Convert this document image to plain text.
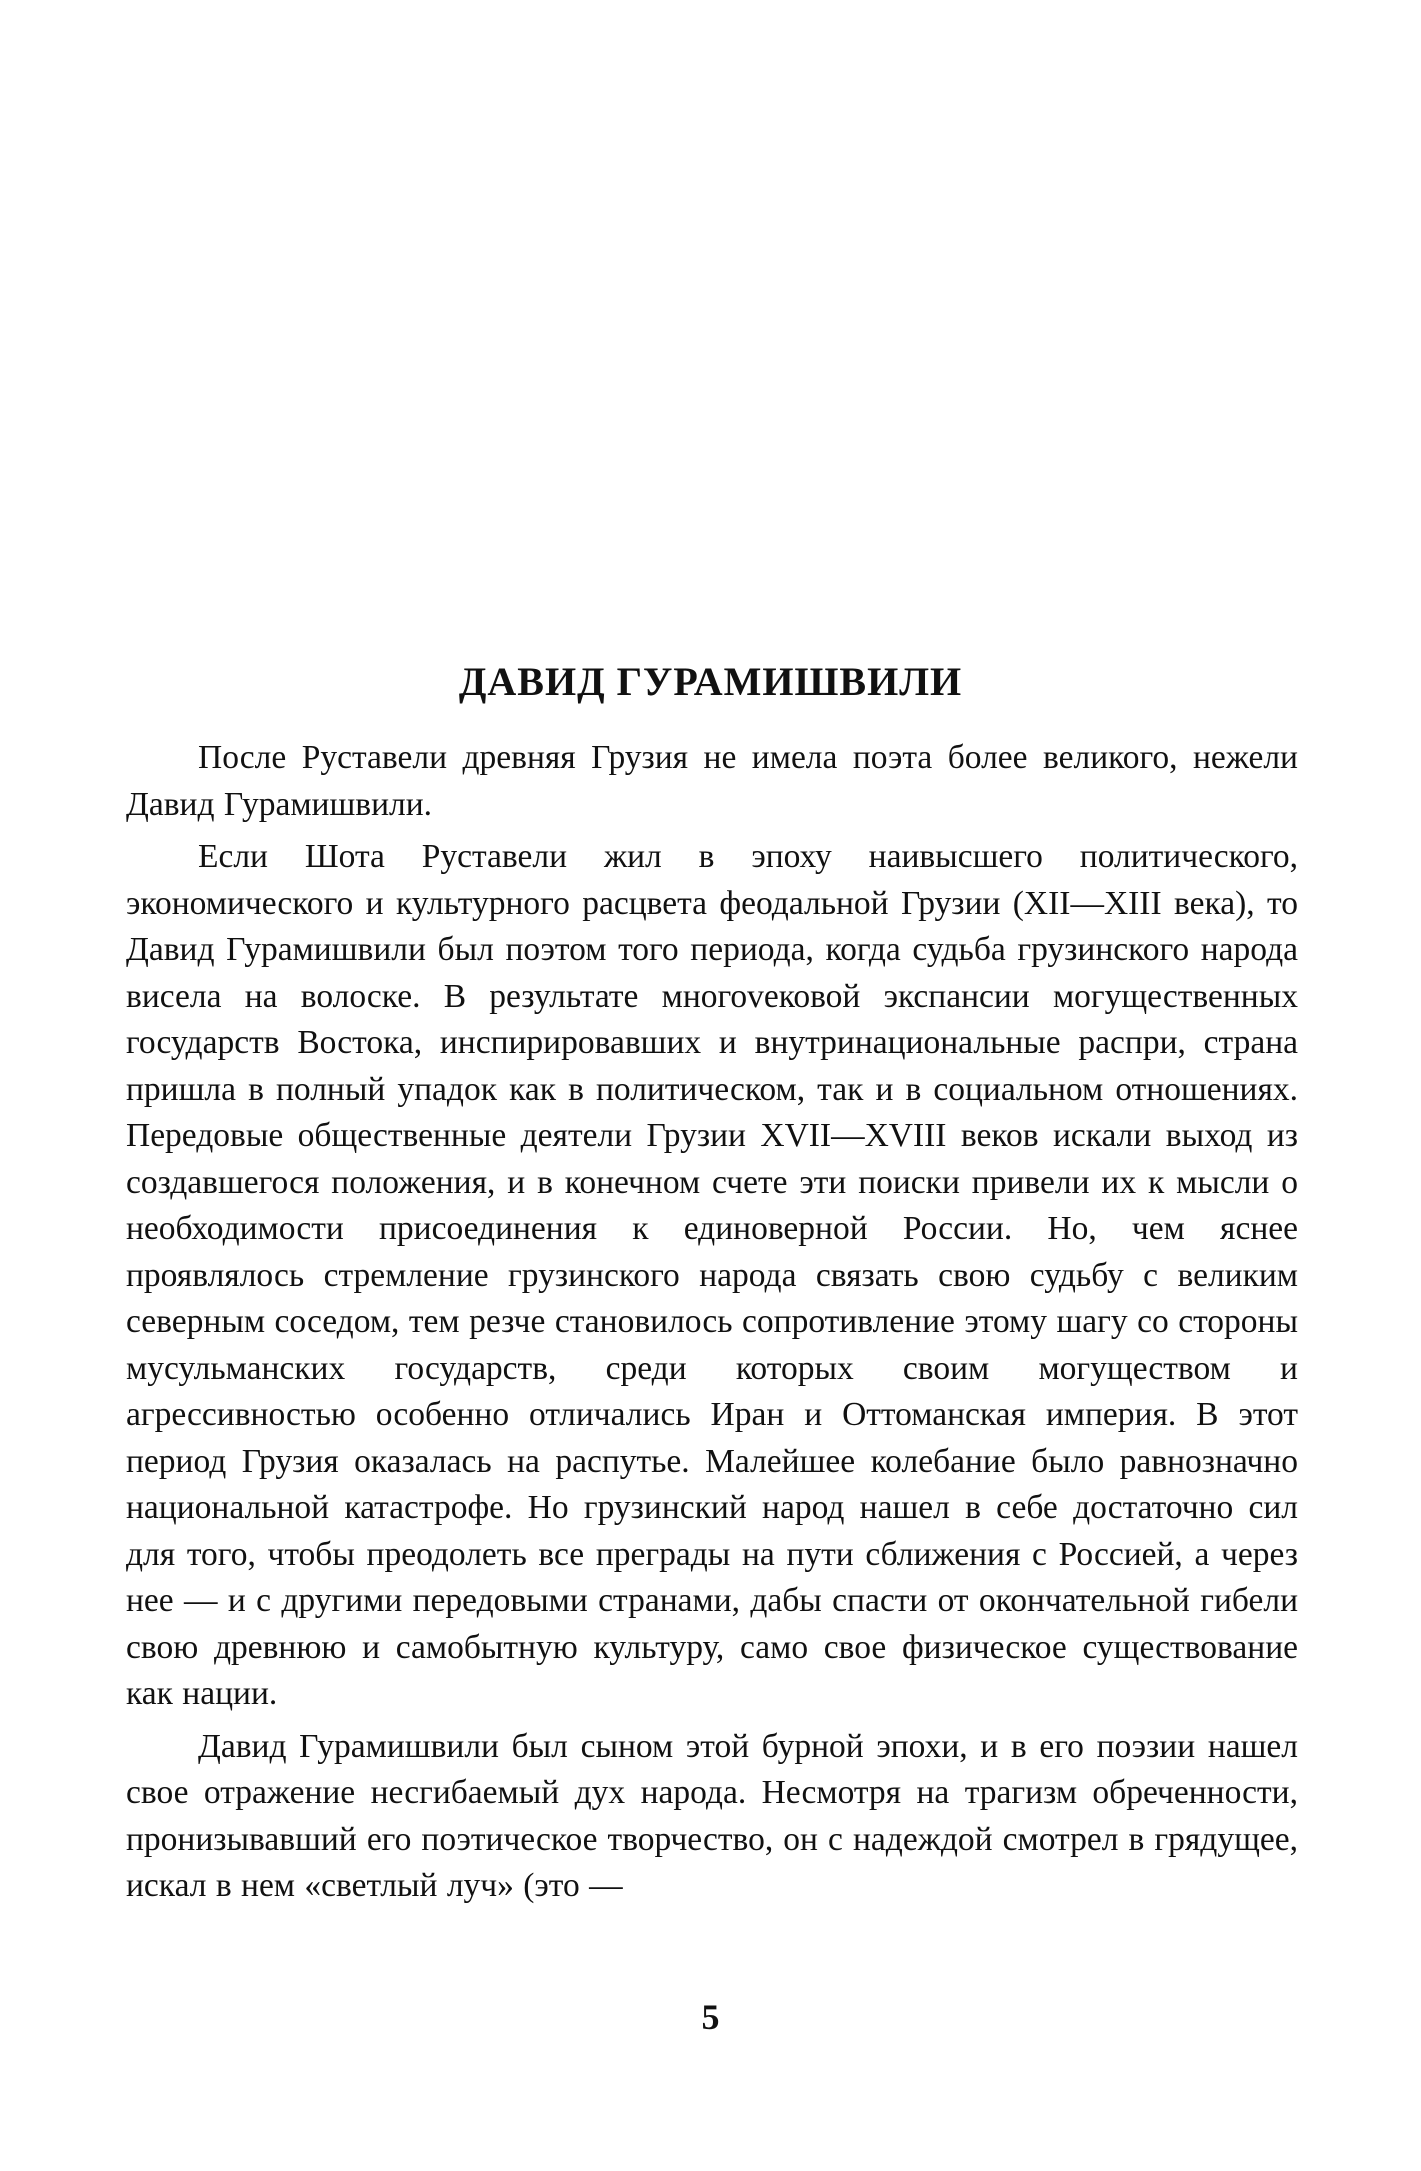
ДАВИД ГУРАМИШВИЛИ

После Руставели древняя Грузия не имела поэта более великого, нежели Давид Гурамишвили.

Если Шота Руставели жил в эпоху наивысшего политического, экономического и культурного расцвета феодальной Грузии (XII—XIII века), то Давид Гурамишвили был поэтом того периода, когда судьба грузинского народа висела на волоске. В результате многоvековой экспансии могущественных государств Востока, инспирировавших и внутринациональные распри, страна пришла в полный упадок как в политическом, так и в социальном отношениях. Передовые общественные деятели Грузии XVII—XVIII веков искали выход из создавшегося положения, и в конечном счете эти поиски привели их к мысли о необходимости присоединения к единоверной России. Но, чем яснее проявлялось стремление грузинского народа связать свою судьбу с великим северным соседом, тем резче становилось сопротивление этому шагу со стороны мусульманских государств, среди которых своим могуществом и агрессивностью особенно отличались Иран и Оттоманская империя. В этот период Грузия оказалась на распутье. Малейшее колебание было равнозначно национальной катастрофе. Но грузинский народ нашел в себе достаточно сил для того, чтобы преодолеть все преграды на пути сближения с Россией, а через нее — и с другими передовыми странами, дабы спасти от окончательной гибели свою древнюю и самобытную культуру, само свое физическое существование как нации.

Давид Гурамишвили был сыном этой бурной эпохи, и в его поэзии нашел свое отражение несгибаемый дух народа. Несмотря на трагизм обреченности, пронизывавший его поэтическое творчество, он с надеждой смотрел в грядущее, искал в нем «светлый луч» (это —

5
